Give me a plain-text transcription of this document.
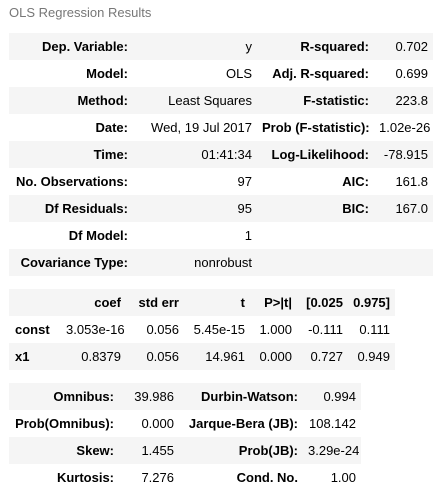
OLS Regression Results
Dep. Variable:	y	R-squared:	0.702
Model:	OLS	Adj. R-squared:	0.699
Method:	Least Squares	F-statistic:	223.8
Date:	Wed, 19 Jul 2017	Prob (F-statistic):	1.02e-26
Time:	01:41:34	Log-Likelihood:	-78.915
No. Observations:	97	AIC:	161.8
Df Residuals:	95	BIC:	167.0
Df Model:	1		
Covariance Type:	nonrobust		
	coef	std err	t	P>|t|	[0.025	0.975]
const	3.053e-16	0.056	5.45e-15	1.000	-0.111	0.111
x1	0.8379	0.056	14.961	0.000	0.727	0.949
Omnibus:	39.986	Durbin-Watson:	0.994
Prob(Omnibus):	0.000	Jarque-Bera (JB):	108.142
Skew:	1.455	Prob(JB):	3.29e-24
Kurtosis:	7.276	Cond. No.	1.00
